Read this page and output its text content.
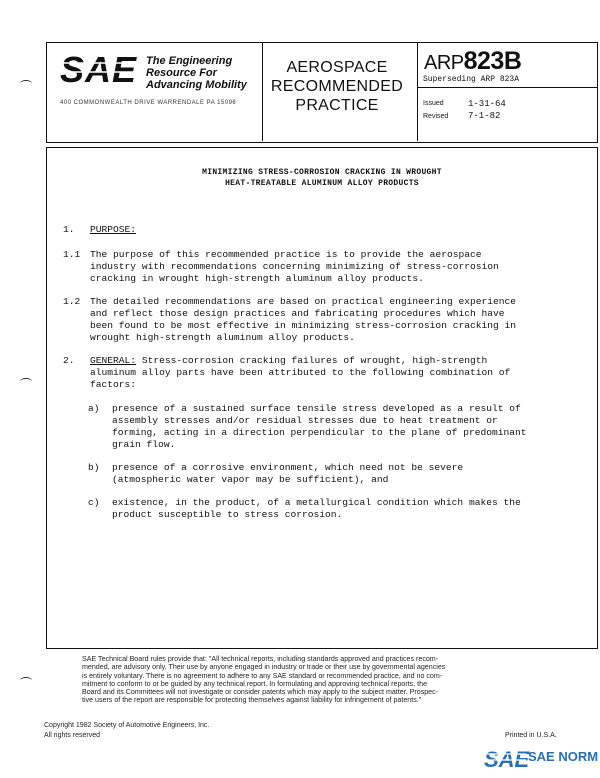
SAE The Engineering
Resource For
Advancing Mobility
400 COMMONWEALTH DRIVE WARRENDALE PA 15096
AEROSPACE
RECOMMENDED
PRACTICE
ARP823B
Superseding ARP 823A
Issued	1-31-64
Revised 7-1-82
MINIMIZING STRESS-CORROSION CRACKING IN WROUGHT
HEAT-TREATABLE ALUMINUM ALLOY PRODUCTS
1. PURPOSE:
1.1 The purpose of this recommended practice is to provide the aerospace
industry with recommendations concerning minimizing of stress-corrosion
cracking in wrought high-strength aluminum alloy products.
1.2 The detailed recommendations are based on practical engineering experience
and reflect those design practices and fabricating procedures which have
been found to be most effective in minimizing stress-corrosion cracking in
wrought high-strength aluminum alloy products.
2. GENERAL: Stress-corrosion cracking failures of wrought, high-strength
aluminum alloy parts have been attributed to the following combination of
factors:
a) presence of a sustained surface tensile stress developed as a result of
assembly stresses and/or residual stresses due to heat treatment or
forming, acting in a direction perpendicular to the plane of predominant
grain flow.
b) presence of a corrosive environment, which need not be severe
(atmospheric water vapor may be sufficient), and
c) existence, in the product, of a metallurgical condition which makes the
product susceptible to stress corrosion.
SAE Technical Board rules provide that: "All technical reports, including standards approved and practices recom-
mended, are advisory only. Their use by anyone engaged in industry or trade or their use by governmental agencies
is entirely voluntary. There is no agreement to adhere to any SAE standard or recommended practice, and no com-
mitment to conform to or be guided by any technical report. In formulating and approving technical reports, the
Board and its Committees will not investigate or consider patents which may apply to the subject matter. Prospec-
tive users of the report are responsible for protecting themselves against liability for infringement of patents."
Copyright 1982 Society of Automotive Engineers, Inc.
All rights reserved	Printed in U.S.A.
SAE
SAE NORM
